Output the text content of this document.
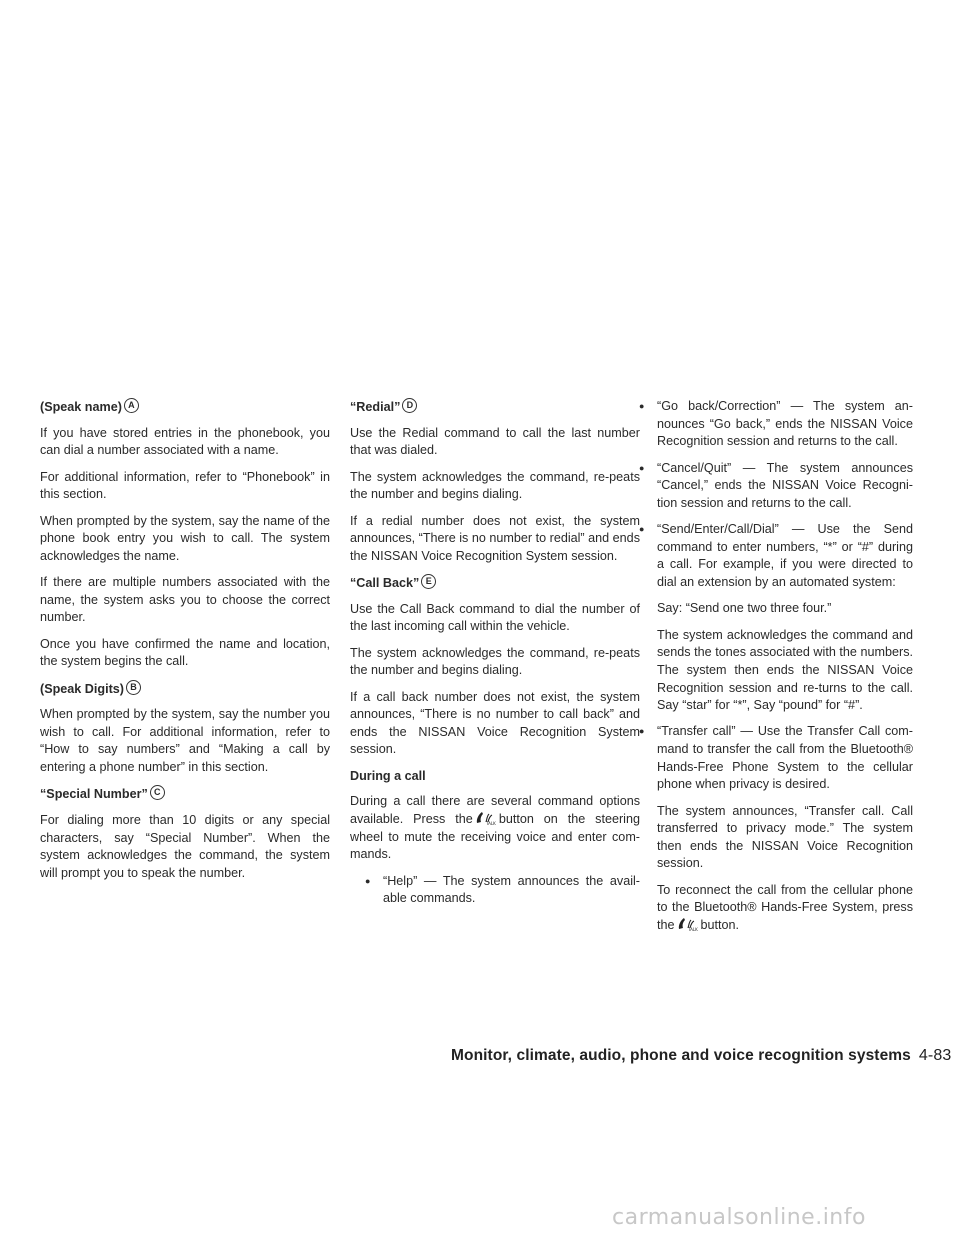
(Speak name) A

If you have stored entries in the phonebook, you can dial a number associated with a name.

For additional information, refer to “Phonebook” in this section.

When prompted by the system, say the name of the phone book entry you wish to call. The system acknowledges the name.

If there are multiple numbers associated with the name, the system asks you to choose the correct number.

Once you have confirmed the name and location, the system begins the call.

(Speak Digits) B

When prompted by the system, say the number you wish to call. For additional information, refer to “How to say numbers” and “Making a call by entering a phone number” in this section.

“Special Number” C

For dialing more than 10 digits or any special characters, say “Special Number”. When the system acknowledges the command, the system will prompt you to speak the number.

“Redial” D

Use the Redial command to call the last number that was dialed.

The system acknowledges the command, re-peats the number and begins dialing.

If a redial number does not exist, the system announces, “There is no number to redial” and ends the NISSAN Voice Recognition System session.

“Call Back” E

Use the Call Back command to dial the number of the last incoming call within the vehicle.

The system acknowledges the command, re-peats the number and begins dialing.

If a call back number does not exist, the system announces, “There is no number to call back” and ends the NISSAN Voice Recognition System session.

During a call

During a call there are several command options available. Press the	TALK button on the steering wheel to mute the receiving voice and enter com-mands.

● “Help” — The system announces the avail-able commands.

● “Go back/Correction” — The system an-nounces “Go back,” ends the NISSAN Voice Recognition session and returns to the call.

● “Cancel/Quit” — The system announces “Cancel,” ends the NISSAN Voice Recogni-tion session and returns to the call.

● “Send/Enter/Call/Dial” — Use the Send command to enter numbers, “*” or “#” during a call. For example, if you were directed to dial an extension by an automated system:

Say: “Send one two three four.”

The system acknowledges the command and sends the tones associated with the numbers. The system then ends the NISSAN Voice Recognition session and re-turns to the call. Say “star” for “*”, Say “pound” for “#”.

● “Transfer call” — Use the Transfer Call com-mand to transfer the call from the Bluetooth® Hands-Free Phone System to the cellular phone when privacy is desired.

The system announces, “Transfer call. Call transferred to privacy mode.” The system then ends the NISSAN Voice Recognition session.

To reconnect the call from the cellular phone to the Bluetooth® Hands-Free System, press the	TALK button.

Monitor, climate, audio, phone and voice recognition systems 4-83
carmanualsonline.info
